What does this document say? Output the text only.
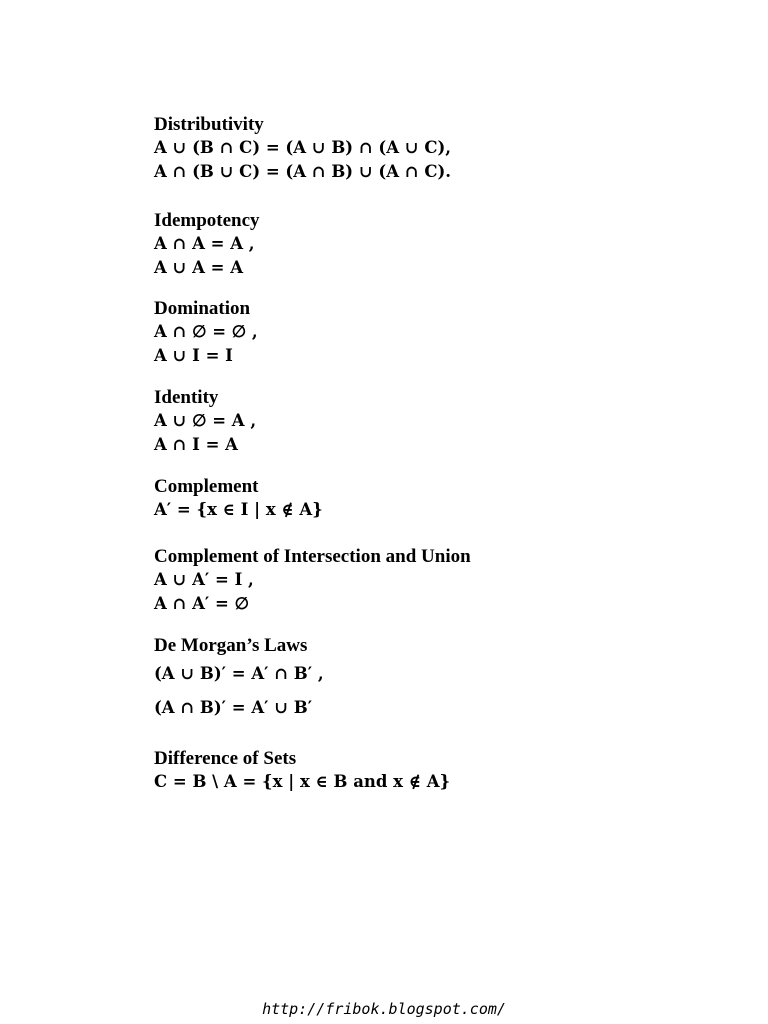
Distributivity
A ∪ (B ∩ C) = (A ∪ B) ∩ (A ∪ C),
A ∩ (B ∪ C) = (A ∩ B) ∪ (A ∩ C).
Idempotency
A ∩ A = A ,
A ∪ A = A
Domination
A ∩ ∅ = ∅ ,
A ∪ I = I
Identity
A ∪ ∅ = A ,
A ∩ I = A
Complement
A′ = {x ∈ I | x ∉ A}
Complement of Intersection and Union
A ∪ A′ = I ,
A ∩ A′ = ∅
De Morgan’s Laws
(A ∪ B)′ = A′ ∩ B′ ,
(A ∩ B)′ = A′ ∪ B′
Difference of Sets
C = B \ A = {x | x ∈ B and x ∉ A}
http://fribok.blogspot.com/
